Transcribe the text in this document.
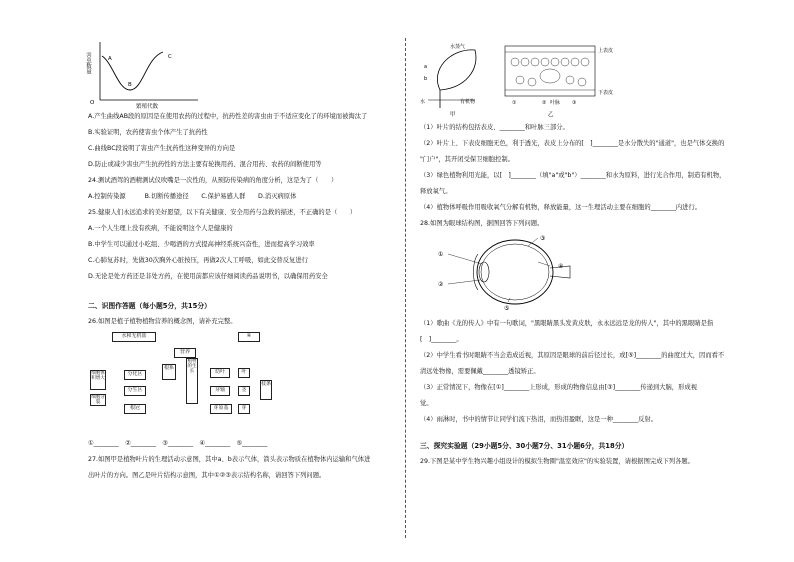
害虫数量
繁殖代数
O
A
B
C
A.产生曲线AB段的原因是在使用农药的过程中，抗药性差的害虫由于不适应变化了的环境而被淘汰了
B.实验证明，农药使害虫个体产生了抗药性
C.曲线BC段说明了害虫产生抗药性这种变异的方向是
D.防止或减少害虫产生抗药性的方法主要有轮换用药、混合用药、农药的间断使用等
24.测试酒驾的酒精测试仪吹嘴是一次性的，从预防传染病的角度分析，这是为了（　　）
A.控制传染源　　　B.切断传播途径　　C.保护易感人群　　D.消灭病原体
25.健康人们永远追求的美好愿望，以下有关健康、安全用药与急救的描述，不正确的是（　　）
A.一个人生理上没有疾病，不能说明这个人是健康的
B.中学生可以通过小吃组、少喝酒的方式提高神经系统兴奋性，进而提高学习效率
C.心肺复苏时，先做30次胸外心脏按压，再做2次人工呼吸，如此交替反复进行
D.无论是处方药还是非处方药，在使用前都应该仔细阅读药品说明书，以确保用药安全
二、识图作答题（每小题5分，共15分）
26.如图是植子植物植物营养的概念图，请补充完整。
水和无机盐	④
营养
根系
植物的生长	幼叶
芽轴
芽原基
叶
茎
芽
枝条
分化区
分生区
细胞体积增大
细胞分裂
根冠
①________　②________　③________　④________　⑤________
27.如图甲是植物叶片的生理活动示意图，其中a、b表示气体，箭头表示物质在植物体内运输和气体进
出叶片的方向。图乙是叶片结构示意图，其中①②③表示结构名称，请回答下列问题。
水蒸气
a
b
水	有机物
甲
上表皮
下表皮
①	② 叶脉 ③
乙
（1）叶片的结构包括表皮、________和叶脉三部分。
（2）叶片上、下表皮细胞无色，利于透光，表皮上分布的[　]________是水分散失的"通道"，也是气体交换的
"门户"，其开闭受保卫细胞控制。
（3）绿色植物利用光能，以[　]________（填"a"或"b"）________和水为原料，进行光合作用，制造有机物，
释放氧气。
（4）植物体呼吸作用吸收氧气分解有机物，释放能量，这一生理活动主要在细胞的________内进行。
28.如图为眼球结构图，据图回答下列问题。
①
②
③
④
⑤
（1）歌曲《龙的传人》中有一句歌词，"黑眼睛黑头发黄皮肤，永永远远是龙的传人"，其中的黑眼睛是指
[　]________。
（2）中学生看书时眼睛不当会造成近视，其原因是眼球的前后径过长，或[⑤]________的曲度过大，因而看不
清远处物像，需要佩戴________透镜矫正。
（3）正常情况下，物像在[①]________上形成，形成的物像信息由[③]________传递到大脑，形成视
觉。
（4）雨淋时，书中的情节让同学们流下热泪，而热泪盈眶，这是一种________反射。
三、探究实验题（29小题5分、30小题7分、31小题6分，共18分）
29.下图是某中学生物兴趣小组设计的模拟生物圈"温室效应"的实验装置，请根据图完成下列各题。
